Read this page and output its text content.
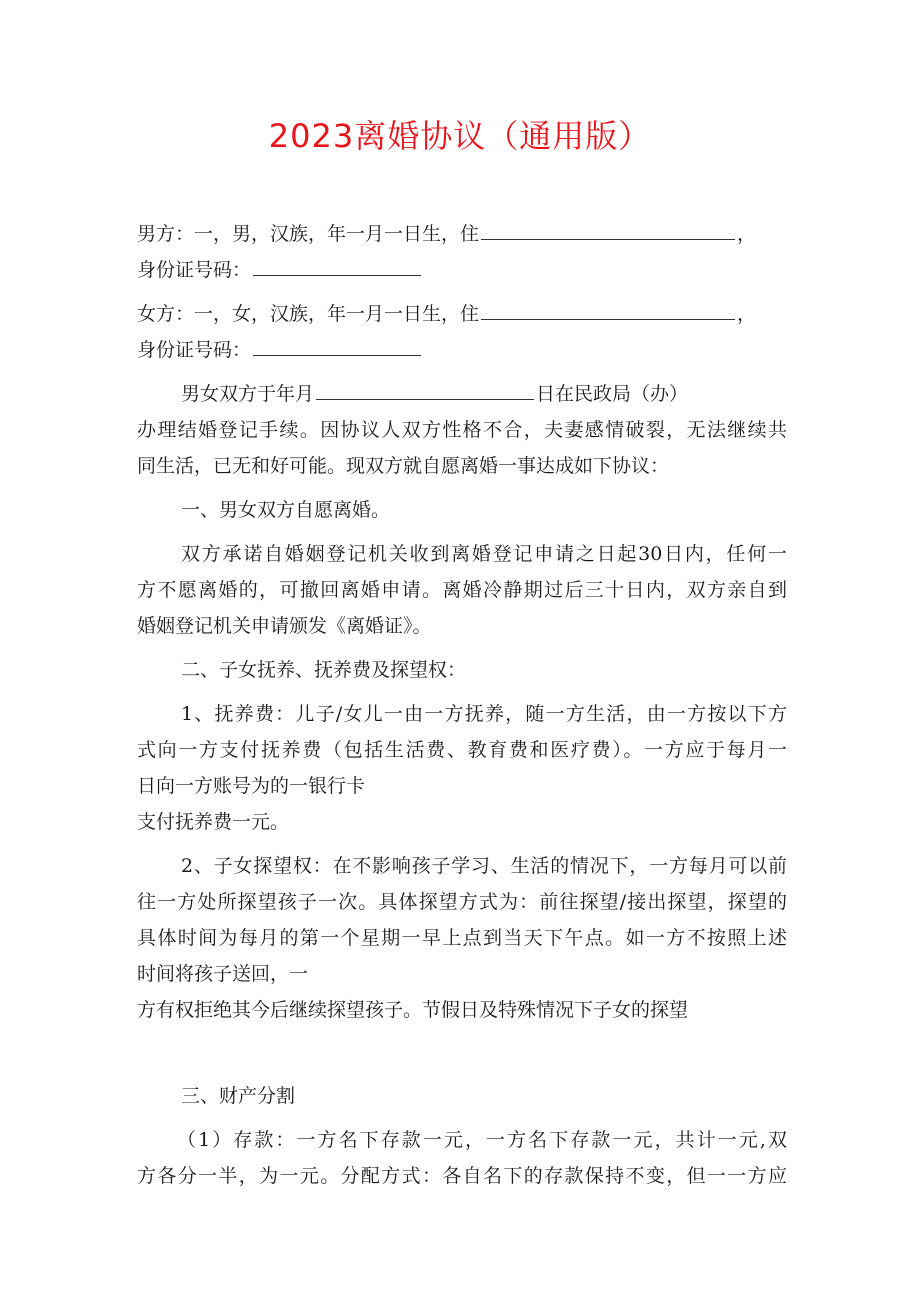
2023离婚协议（通用版）
男方：一，男，汉族，年一月一日生，住	，
身份证号码：
女方：一，女，汉族，年一月一日生，住	，
身份证号码：
男女双方于年月	日在民政局（办）
办理结婚登记手续。因协议人双方性格不合，夫妻感情破裂，无法继续共
同生活，已无和好可能。现双方就自愿离婚一事达成如下协议：
一、男女双方自愿离婚。
双方承诺自婚姻登记机关收到离婚登记申请之日起30日内，任何一
方不愿离婚的，可撤回离婚申请。离婚冷静期过后三十日内，双方亲自到
婚姻登记机关申请颁发《离婚证》。
二、子女抚养、抚养费及探望权：
1、抚养费：儿子/女儿一由一方抚养，随一方生活，由一方按以下方
式向一方支付抚养费（包括生活费、教育费和医疗费）。一方应于每月一
日向一方账号为的一银行卡
支付抚养费一元。
2、子女探望权：在不影响孩子学习、生活的情况下，一方每月可以前
往一方处所探望孩子一次。具体探望方式为：前往探望/接出探望，探望的
具体时间为每月的第一个星期一早上点到当天下午点。如一方不按照上述
时间将孩子送回，一
方有权拒绝其今后继续探望孩子。节假日及特殊情况下子女的探望
三、财产分割
（1）存款：一方名下存款一元，一方名下存款一元，共计一元,双
方各分一半，为一元。分配方式：各自名下的存款保持不变，但一一方应
